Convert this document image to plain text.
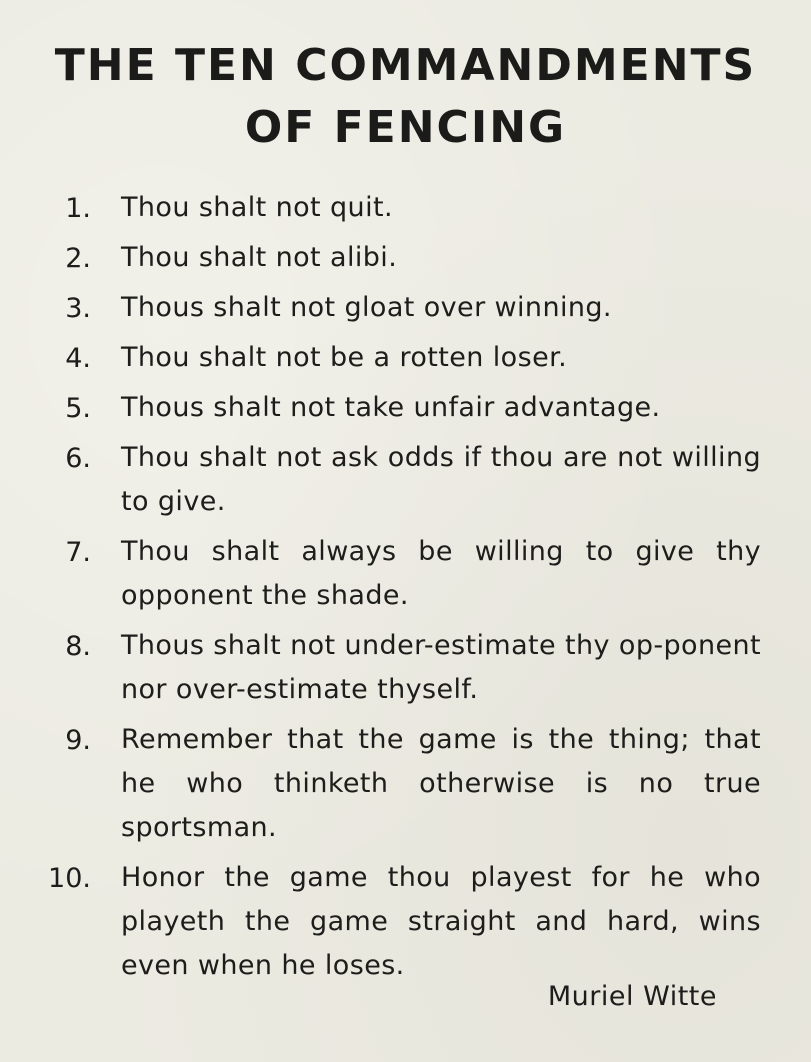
THE TEN COMMANDMENTS
OF FENCING
1. Thou shalt not quit.
2. Thou shalt not alibi.
3. Thous shalt not gloat over winning.
4. Thou shalt not be a rotten loser.
5. Thous shalt not take unfair advantage.
6. Thou shalt not ask odds if thou are not willing to give.
7. Thou shalt always be willing to give thy opponent the shade.
8. Thous shalt not under-estimate thy op-ponent nor over-estimate thyself.
9. Remember that the game is the thing; that he who thinketh otherwise is no true sportsman.
10. Honor the game thou playest for he who playeth the game straight and hard, wins even when he loses.
Muriel Witte
